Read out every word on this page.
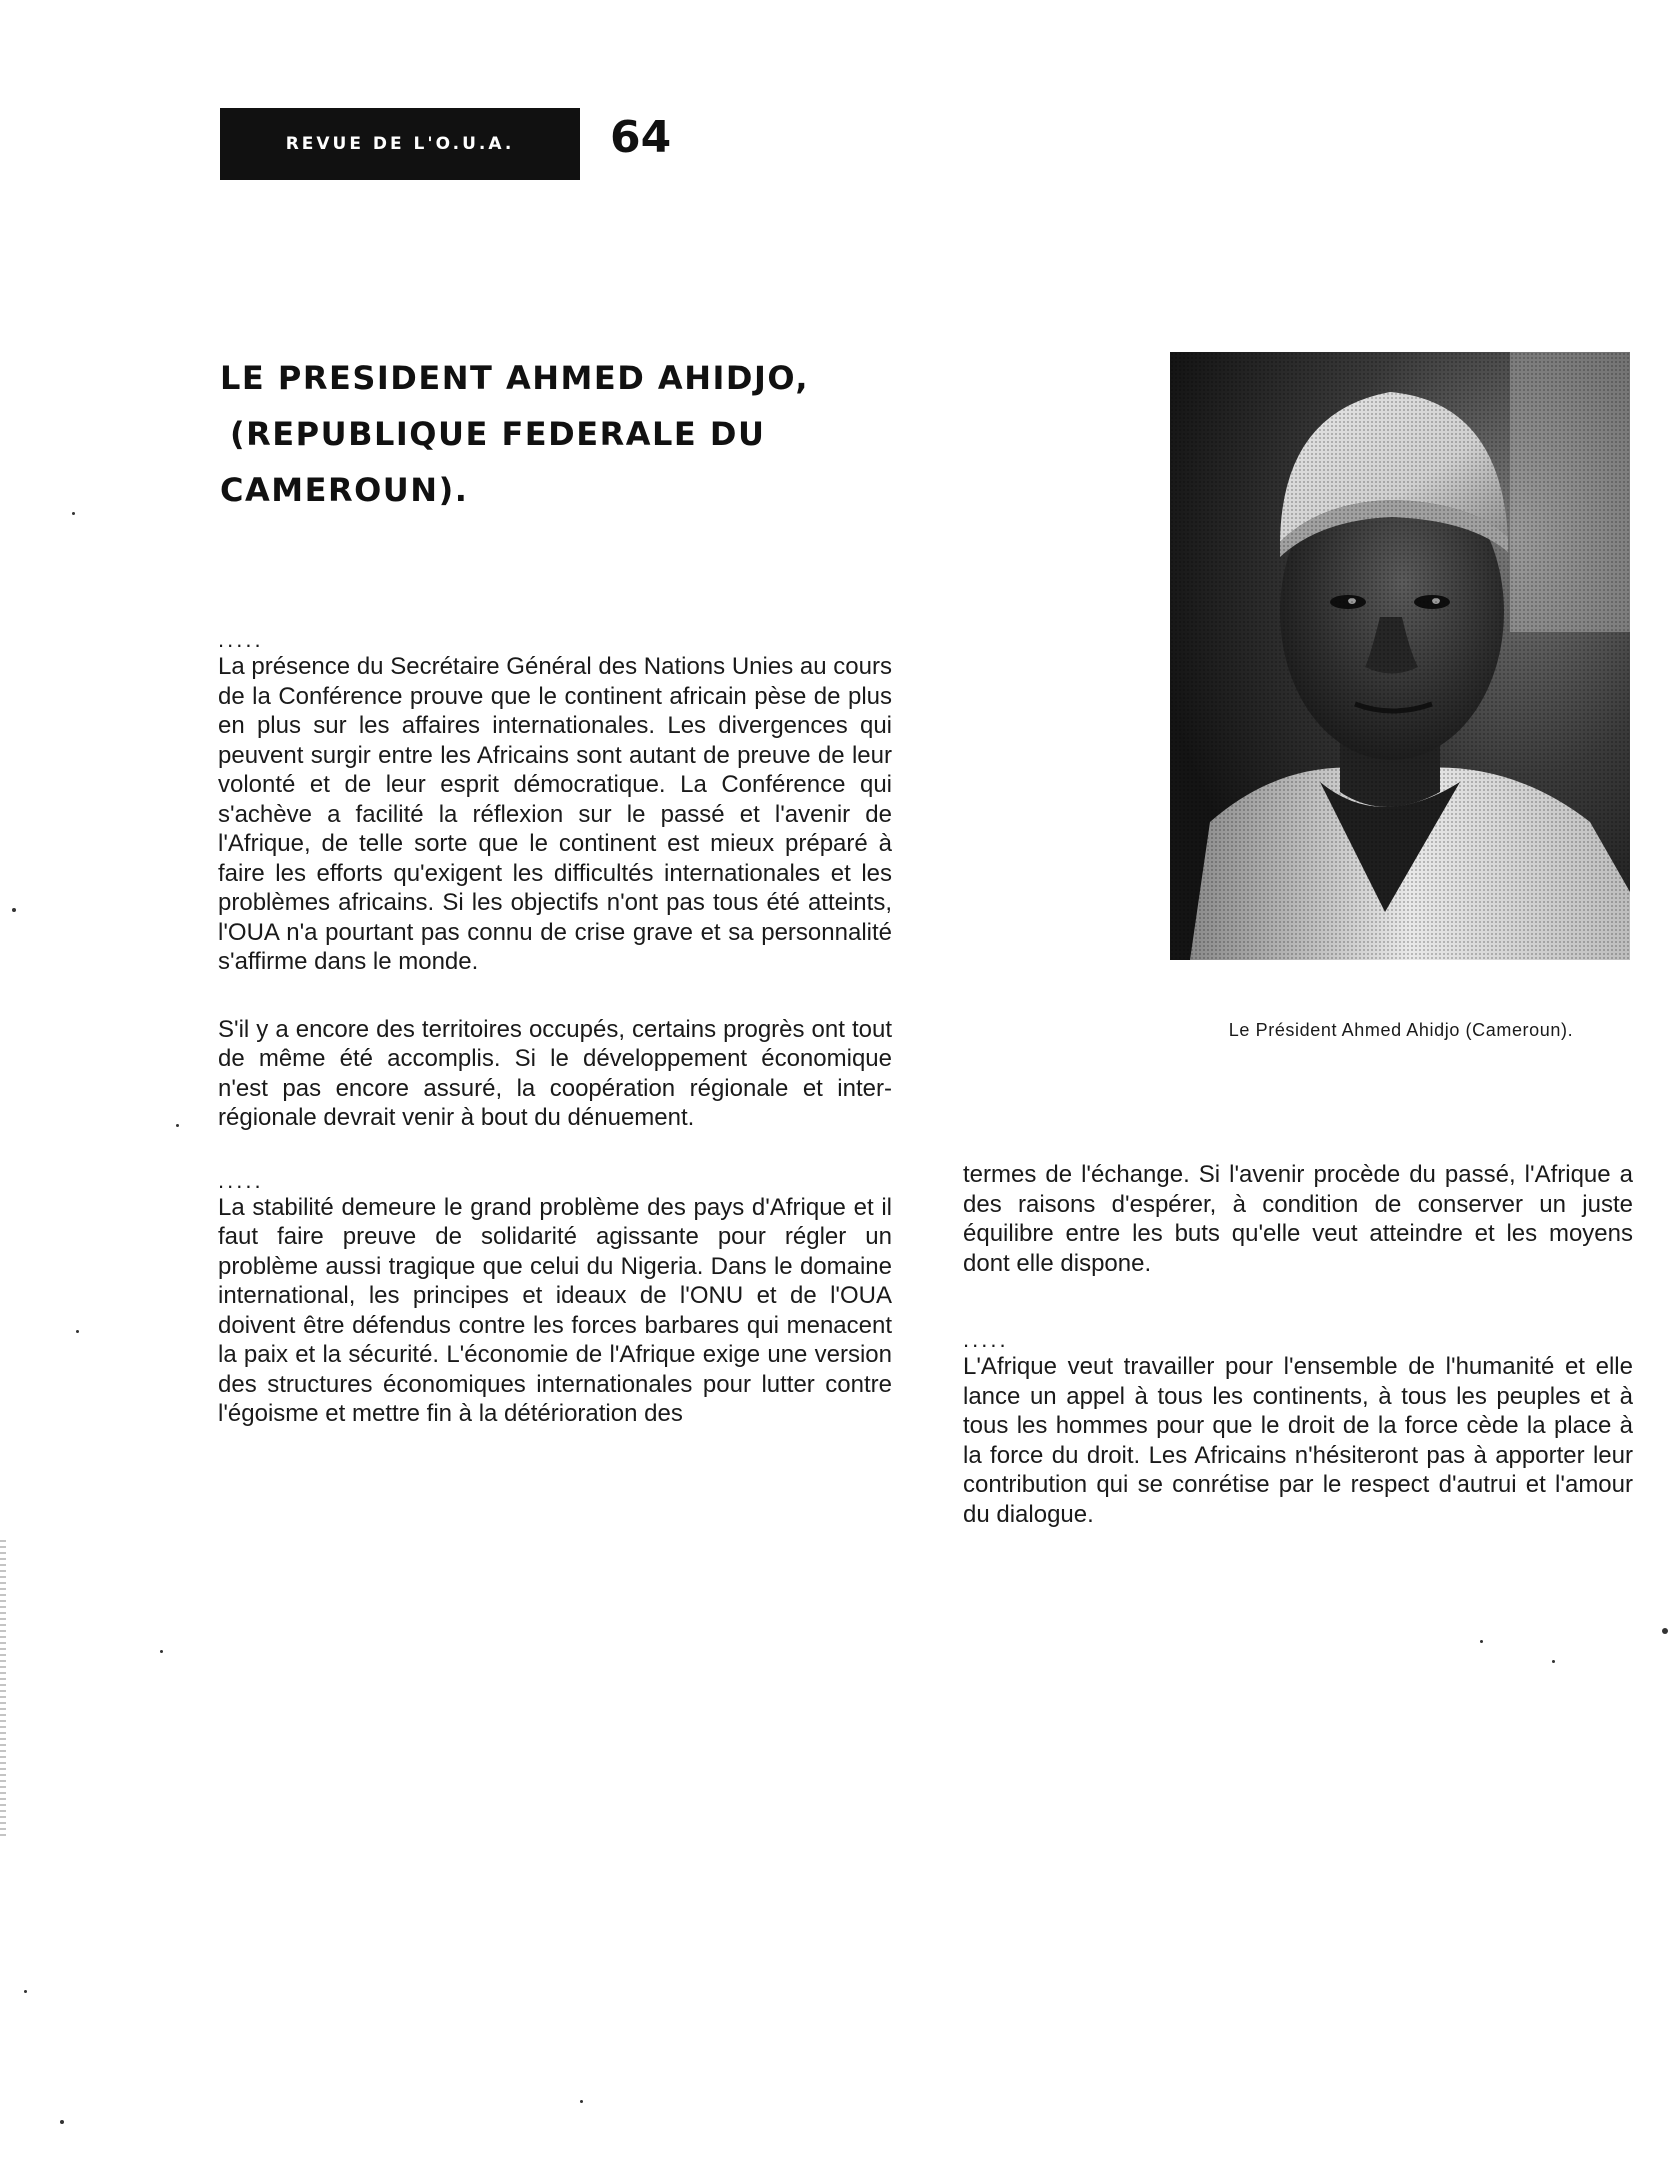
REVUE DE L'O.U.A. 64
LE PRESIDENT AHMED AHIDJO,
(REPUBLIQUE FEDERALE DU
CAMEROUN).
Le Président Ahmed Ahidjo (Cameroun).
.....

La présence du Secrétaire Général des Nations Unies au cours de la Conférence prouve que le continent africain pèse de plus en plus sur les affaires internationales. Les divergences qui peuvent surgir entre les Africains sont autant de preuve de leur volonté et de leur esprit démocratique. La Conférence qui s'achève a facilité la réflexion sur le passé et l'avenir de l'Afrique, de telle sorte que le continent est mieux préparé à faire les efforts qu'exigent les difficultés internationales et les problèmes africains. Si les objectifs n'ont pas tous été atteints, l'OUA n'a pourtant pas connu de crise grave et sa personnalité s'affirme dans le monde.

S'il y a encore des territoires occupés, certains progrès ont tout de même été accomplis. Si le développement économique n'est pas encore assuré, la coopération régionale et inter-régionale devrait venir à bout du dénuement.

.....

La stabilité demeure le grand problème des pays d'Afrique et il faut faire preuve de solidarité agissante pour régler un problème aussi tragique que celui du Nigeria. Dans le domaine international, les principes et ideaux de l'ONU et de l'OUA doivent être défendus contre les forces barbares qui menacent la paix et la sécurité. L'économie de l'Afrique exige une version des structures économiques internationales pour lutter contre l'égoisme et mettre fin à la détérioration des

termes de l'échange. Si l'avenir procède du passé, l'Afrique a des raisons d'espérer, à condition de conserver un juste équilibre entre les buts qu'elle veut atteindre et les moyens dont elle dispone.

.....

L'Afrique veut travailler pour l'ensemble de l'humanité et elle lance un appel à tous les continents, à tous les peuples et à tous les hommes pour que le droit de la force cède la place à la force du droit. Les Africains n'hésiteront pas à apporter leur contribution qui se conrétise par le respect d'autrui et l'amour du dialogue.
